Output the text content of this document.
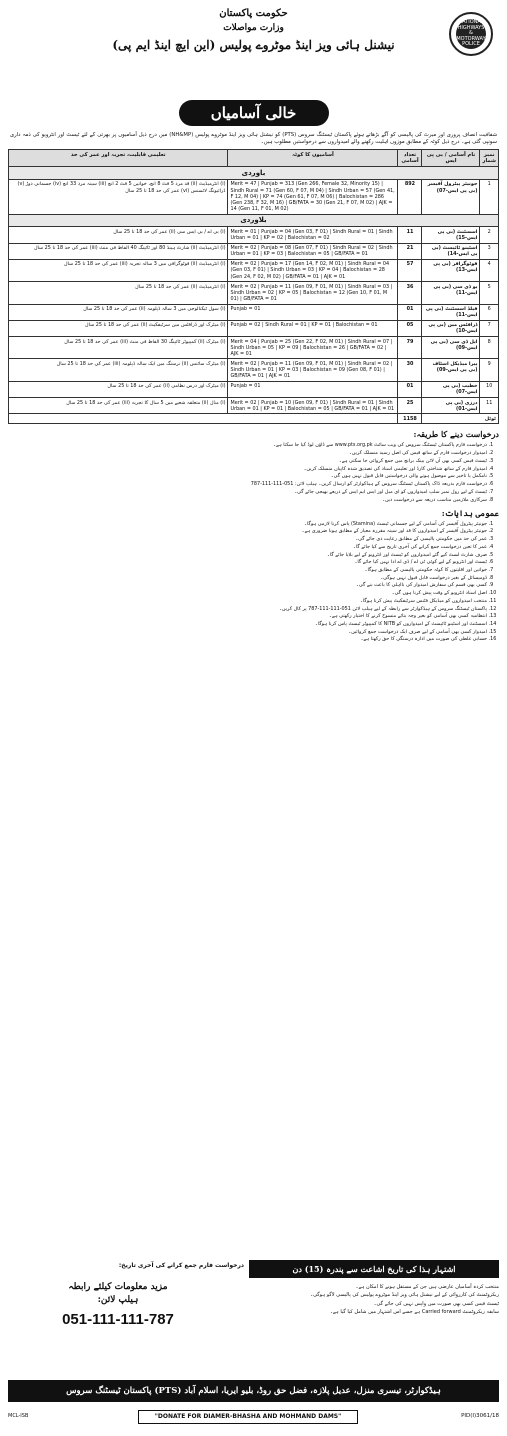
NATIONAL HIGHWAYS & MOTORWAY POLICE
حکومت پاکستان
وزارت مواصلات
نیشنل ہائی ویز اینڈ موٹروے پولیس (این ایچ اینڈ ایم پی)
خالی آسامیاں

شفافیت انصاف پروری اور میرٹ کی پالیسی کو آگے بڑھاتے ہوئے پاکستان ٹیسٹنگ سروس (PTS) کو نیشنل ہائی ویز اینڈ موٹروے پولیس (NH&MP) میں درج ذیل آسامیوں پر بھرتی کے لئے ٹیسٹ اور انٹرویو کی ذمہ داری سونپی گئی ہے۔ درج ذیل کوٹہ کے مطابق موزوں اہلیت رکھنے والے امیدواروں سے درخواستیں مطلوب ہیں۔

نمبر شمار	نام آسامی / بی پی ایس	تعداد آسامی	آسامیوں کا کوٹہ	تعلیمی قابلیت، تجربہ اور عمر کی حد
باوردی				
1	جونیئر پیٹرول آفیسر (بی پی ایس-07)	892	Merit = 47 | Punjab = 313 (Gen 266, Female 32, Minority 15) | Sindh Rural = 71 (Gen 60, F 07, M 04) | Sindh Urban = 57 (Gen 41, F 12, M 04) | KP = 74 (Gen 61, F 07, M 06) | Balochistan = 286 (Gen 238, F 32, M 16) | GB/FATA = 30 (Gen 21, F 07, M 02) | AJK = 14 (Gen 11, F 01, M 02)	(i) انٹرمیڈیٹ (ii) قد مرد 5 فٹ 8 انچ، خواتین 5 فٹ 2 انچ (iii) سینہ مرد 33 انچ (iv) جسمانی دوڑ (v) ڈرائیونگ لائسنس (vi) عمر کی حد 18 تا 25 سال
بلاوردی				
2	اسسٹنٹ (بی پی ایس-15)	11	Merit = 01 | Punjab = 04 (Gen 03, F 01) | Sindh Rural = 01 | Sindh Urban = 01 | KP = 02 | Balochistan = 02	(i) بی اے / بی ایس سی (ii) عمر کی حد 18 تا 25 سال
3	اسٹینو ٹائپسٹ (بی پی ایس-14)	21	Merit = 02 | Punjab = 08 (Gen 07, F 01) | Sindh Rural = 02 | Sindh Urban = 01 | KP = 03 | Balochistan = 05 | GB/FATA = 01	(i) انٹرمیڈیٹ (ii) شارٹ ہینڈ 80 اور ٹائپنگ 40 الفاظ فی منٹ (iii) عمر کی حد 18 تا 25 سال
4	فوٹوگرافر (بی پی ایس-13)	57	Merit = 02 | Punjab = 17 (Gen 14, F 02, M 01) | Sindh Rural = 04 (Gen 03, F 01) | Sindh Urban = 03 | KP = 04 | Balochistan = 28 (Gen 24, F 02, M 02) | GB/FATA = 01 | AJK = 01	(i) انٹرمیڈیٹ (ii) فوٹوگرافی میں 3 سالہ تجربہ (iii) عمر کی حد 18 تا 25 سال
5	یو ڈی سی (بی پی ایس-11)	36	Merit = 02 | Punjab = 11 (Gen 09, F 01, M 01) | Sindh Rural = 03 | Sindh Urban = 02 | KP = 05 | Balochistan = 12 (Gen 10, F 01, M 01) | GB/FATA = 01	(i) انٹرمیڈیٹ (ii) عمر کی حد 18 تا 25 سال
6	فیلڈ اسسٹنٹ (بی پی ایس-11)	01	Punjab = 01	(i) سول ٹیکنالوجی میں 3 سالہ ڈپلومہ (ii) عمر کی حد 18 تا 25 سال
7	ڈرافٹس مین (بی پی ایس-10)	05	Punjab = 02 | Sindh Rural = 01 | KP = 01 | Balochistan = 01	(i) میٹرک اور ڈرافٹس مین سرٹیفکیٹ (ii) عمر کی حد 18 تا 25 سال
8	ایل ڈی سی (بی پی ایس-09)	79	Merit = 04 | Punjab = 25 (Gen 22, F 02, M 01) | Sindh Rural = 07 | Sindh Urban = 05 | KP = 09 | Balochistan = 26 | GB/FATA = 02 | AJK = 01	(i) میٹرک (ii) کمپیوٹر ٹائپنگ 30 الفاظ فی منٹ (iii) عمر کی حد 18 تا 25 سال
9	پیرا میڈیکل اسٹاف (بی پی ایس-09)	30	Merit = 02 | Punjab = 11 (Gen 09, F 01, M 01) | Sindh Rural = 02 | Sindh Urban = 01 | KP = 03 | Balochistan = 09 (Gen 08, F 01) | GB/FATA = 01 | AJK = 01	(i) میٹرک سائنس (ii) نرسنگ میں ایک سالہ ڈپلومہ (iii) عمر کی حد 18 تا 25 سال
10	خطیب (بی پی ایس-07)	01	Punjab = 01	(i) میٹرک اور درس نظامی (ii) عمر کی حد 18 تا 25 سال
11	درزی (بی پی ایس-01)	25	Merit = 02 | Punjab = 10 (Gen 09, F 01) | Sindh Rural = 01 | Sindh Urban = 01 | KP = 01 | Balochistan = 05 | GB/FATA = 01 | AJK = 01	(i) مڈل (ii) متعلقہ شعبے میں 5 سال کا تجربہ (iii) عمر کی حد 18 تا 25 سال
ٹوٹل		1158		
درخواست دینے کا طریقہ:
1. درخواست فارم پاکستان ٹیسٹنگ سروس کی ویب سائٹ www.pts.org.pk سے ڈاؤن لوڈ کیا جا سکتا ہے۔
2. امیدوار درخواست فارم کے ساتھ فیس کی اصل رسید منسلک کریں۔
3. ٹیسٹ فیس کسی بھی آن لائن بینک برانچ میں جمع کروائی جا سکتی ہے۔
4. امیدوار فارم کے ساتھ شناختی کارڈ اور تعلیمی اسناد کی تصدیق شدہ کاپیاں منسلک کریں۔
5. نامکمل یا تاخیر سے موصول ہونے والی درخواستیں قابل قبول نہیں ہوں گی۔
6. درخواست فارم بذریعہ ڈاک پاکستان ٹیسٹنگ سروس کے ہیڈکوارٹر کو ارسال کریں۔ ہیلپ لائن: 051-111-111-787
7. ٹیسٹ کے لیے رول نمبر سلپ امیدواروں کو ای میل اور ایس ایم ایس کے ذریعے بھیجی جائے گی۔
8. سرکاری ملازمین مناسب ذریعہ سے درخواست دیں۔
عمومی ہدایات:
1. جونیئر پیٹرول آفیسر کی آسامی کے لیے جسمانی ٹیسٹ (Stamina) پاس کرنا لازمی ہوگا۔
2. جونیئر پیٹرول آفیسر کے امیدواروں کا قد اور سینہ مقررہ معیار کے مطابق ہونا ضروری ہے۔
3. عمر کی حد میں حکومتی پالیسی کے مطابق رعایت دی جائے گی۔
4. عمر کا تعین درخواست جمع کرانے کی آخری تاریخ سے کیا جائے گا۔
5. صرف شارٹ لسٹ کیے گئے امیدواروں کو ٹیسٹ اور انٹرویو کے لیے بلایا جائے گا۔
6. ٹیسٹ اور انٹرویو کے لیے کوئی ٹی اے / ڈی اے ادا نہیں کیا جائے گا۔
7. خواتین اور اقلیتوں کا کوٹہ حکومتی پالیسی کے مطابق ہوگا۔
8. ڈومیسائل کے بغیر درخواست قابل قبول نہیں ہوگی۔
9. کسی بھی قسم کی سفارش امیدوار کی نااہلی کا باعث بنے گی۔
10. اصل اسناد انٹرویو کے وقت پیش کرنا ہوں گی۔
11. منتخب امیدواروں کو میڈیکل فٹنس سرٹیفکیٹ پیش کرنا ہوگا۔
12. پاکستان ٹیسٹنگ سروس کے ہیڈکوارٹر سے رابطہ کے لیے ہیلپ لائن 051-111-111-787 پر کال کریں۔
13. انتظامیہ کسی بھی آسامی کو بغیر وجہ بتائے منسوخ کرنے کا اختیار رکھتی ہے۔
14. اسسٹنٹ اور اسٹینو ٹائپسٹ کے امیدواروں کو NITB کا کمپیوٹر ٹیسٹ پاس کرنا ہوگا۔
15. امیدوار کسی بھی آسامی کے لیے صرف ایک درخواست جمع کروائیں۔
16. حسابی غلطی کی صورت میں ادارہ درستگی کا حق رکھتا ہے۔
اشتہار ہذا کی تاریخ اشاعت سے پندرہ (15) دن
درخواست فارم جمع کرانے کی آخری تاریخ:

منتخب کردہ آسامیاں عارضی ہیں جن کے مستقل ہونے کا امکان ہے۔

ریکروٹمنٹ کی کارروائی کے لیے نیشنل ہائی ویز اینڈ موٹروے پولیس کی پالیسی لاگو ہوگی۔

ٹیسٹ فیس کسی بھی صورت میں واپس نہیں کی جائے گی۔

سابقہ ریکروٹمنٹ Carried forward ہے جسے اس اشتہار میں شامل کیا گیا ہے۔

مزید معلومات کیلئے رابطہ
ہیلپ لائن:
051-111-111-787
پاکستان ٹیسٹنگ سروس (PTS) ہیڈکوارٹر، تیسری منزل، عدیل پلازہ، فضل حق روڈ، بلیو ایریا، اسلام آباد
MCL-ISB	"DONATE FOR DIAMER-BHASHA AND MOHMAND DAMS"	PID(I)3061/18
